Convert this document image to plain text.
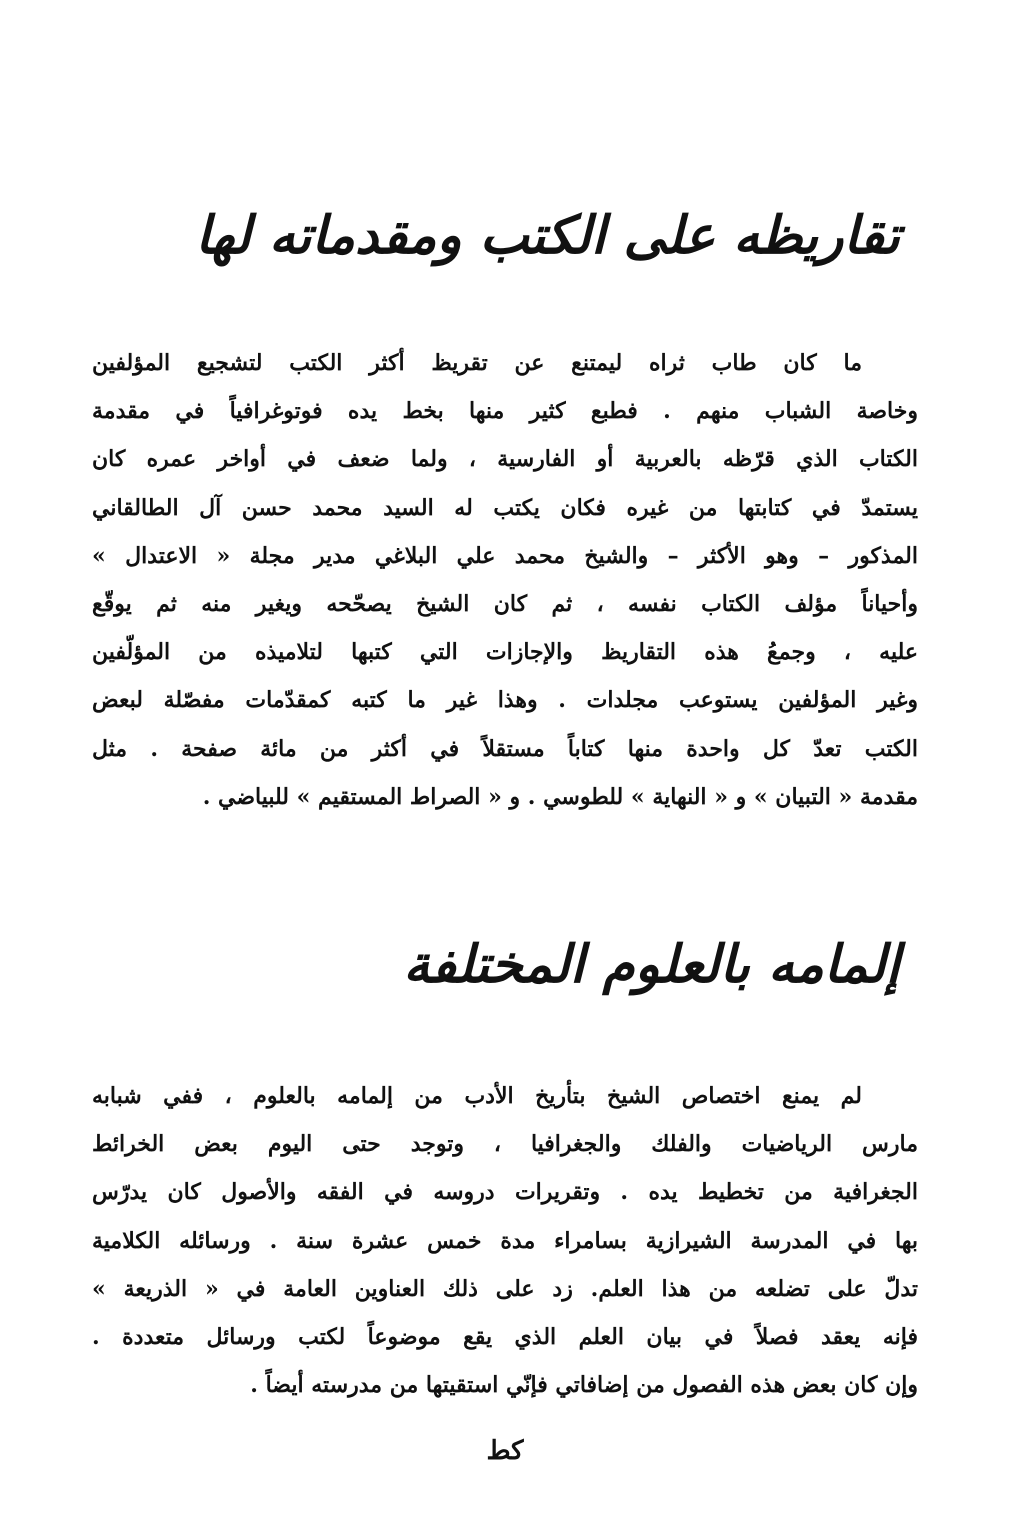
تقاريظه على الكتب ومقدماته لها
ما كان طاب ثراه ليمتنع عن تقريظ أكثر الكتب لتشجيع المؤلفين
وخاصة الشباب منهم . فطبع كثير منها بخط يده فوتوغرافياً في مقدمة
الكتاب الذي قرّظه بالعربية أو الفارسية ، ولما ضعف في أواخر عمره كان
يستمدّ في كتابتها من غيره فكان يكتب له السيد محمد حسن آل الطالقاني
المذكور – وهو الأكثر – والشيخ محمد علي البلاغي مدير مجلة « الاعتدال »
وأحياناً مؤلف الكتاب نفسه ، ثم كان الشيخ يصحّحه ويغير منه ثم يوقّع
عليه ، وجمعُ هذه التقاريظ والإجازات التي كتبها لتلاميذه من المؤلّفين
وغير المؤلفين يستوعب مجلدات . وهذا غير ما كتبه كمقدّمات مفصّلة لبعض
الكتب تعدّ كل واحدة منها كتاباً مستقلاً في أكثر من مائة صفحة . مثل
مقدمة « التبيان » و « النهاية » للطوسي . و « الصراط المستقيم » للبياضي .
إلمامه بالعلوم المختلفة
لم يمنع اختصاص الشيخ بتأريخ الأدب من إلمامه بالعلوم ، ففي شبابه
مارس الرياضيات والفلك والجغرافيا ، وتوجد حتى اليوم بعض الخرائط
الجغرافية من تخطيط يده . وتقريرات دروسه في الفقه والأصول كان يدرّس
بها في المدرسة الشيرازية بسامراء مدة خمس عشرة سنة . ورسائله الكلامية
تدلّ على تضلعه من هذا العلم. زد على ذلك العناوين العامة في « الذريعة »
فإنه يعقد فصلاً في بيان العلم الذي يقع موضوعاً لكتب ورسائل متعددة .
وإن كان بعض هذه الفصول من إضافاتي فإنّي استقيتها من مدرسته أيضاً .
كط
